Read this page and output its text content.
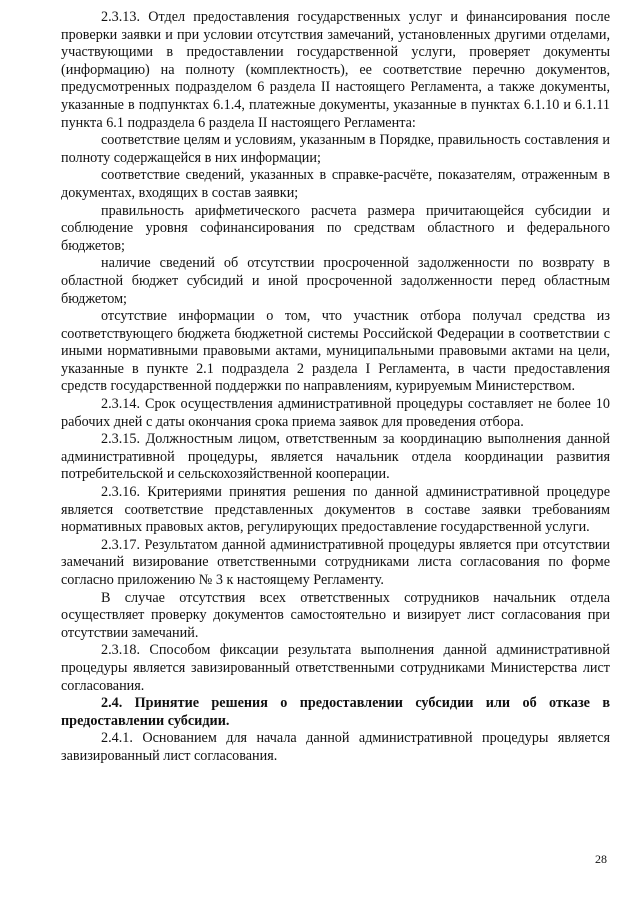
2.3.13. Отдел предоставления государственных услуг и финансирования после проверки заявки и при условии отсутствия замечаний, установленных другими отделами, участвующими в предоставлении государственной услуги, проверяет документы (информацию) на полноту (комплектность), ее соответствие перечню документов, предусмотренных подразделом 6 раздела II настоящего Регламента, а также документы, указанные в подпунктах 6.1.4, платежные документы, указанные в пунктах 6.1.10 и 6.1.11 пункта 6.1 подраздела 6 раздела II настоящего Регламента:

соответствие целям и условиям, указанным в Порядке, правильность составления и полноту содержащейся в них информации;

соответствие сведений, указанных в справке-расчёте, показателям, отраженным в документах, входящих в состав заявки;

правильность арифметического расчета размера причитающейся субсидии и соблюдение уровня софинансирования по средствам областного и федерального бюджетов;

наличие сведений об отсутствии просроченной задолженности по возврату в областной бюджет субсидий и иной просроченной задолженности перед областным бюджетом;

отсутствие информации о том, что участник отбора получал средства из соответствующего бюджета бюджетной системы Российской Федерации в соответствии с иными нормативными правовыми актами, муниципальными правовыми актами на цели, указанные в пункте 2.1 подраздела 2 раздела I Регламента, в части предоставления средств государственной поддержки по направлениям, курируемым Министерством.

2.3.14. Срок осуществления административной процедуры составляет не более 10 рабочих дней с даты окончания срока приема заявок для проведения отбора.

2.3.15. Должностным лицом, ответственным за координацию выполнения данной административной процедуры, является начальник отдела координации развития потребительской и сельскохозяйственной кооперации.

2.3.16. Критериями принятия решения по данной административной процедуре является соответствие представленных документов в составе заявки требованиям нормативных правовых актов, регулирующих предоставление государственной услуги.

2.3.17. Результатом данной административной процедуры является при отсутствии замечаний визирование ответственными сотрудниками листа согласования по форме согласно приложению № 3 к настоящему Регламенту.

В случае отсутствия всех ответственных сотрудников начальник отдела осуществляет проверку документов самостоятельно и визирует лист согласования при отсутствии замечаний.

2.3.18. Способом фиксации результата выполнения данной административной процедуры является завизированный ответственными сотрудниками Министерства лист согласования.

2.4. Принятие решения о предоставлении субсидии или об отказе в предоставлении субсидии.

2.4.1. Основанием для начала данной административной процедуры является завизированный лист согласования.

28
